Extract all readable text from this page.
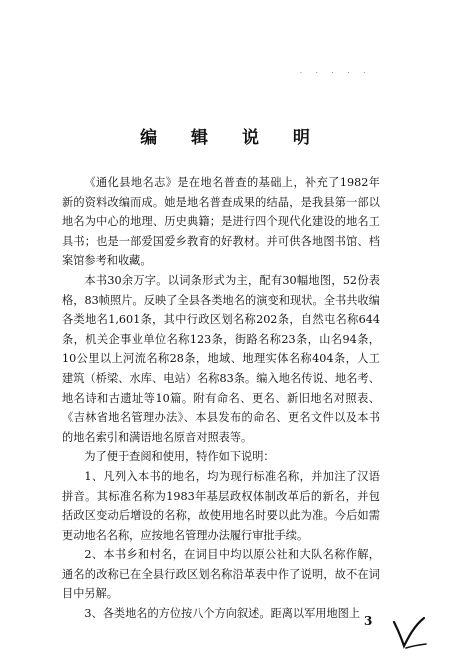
· · · · ·
编 辑 说 明

《通化县地名志》是在地名普查的基础上，补充了1982年新的资料改编而成。她是地名普查成果的结晶，是我县第一部以地名为中心的地理、历史典籍；是进行四个现代化建设的地名工具书；也是一部爱国爱乡教育的好教材。并可供各地图书馆、档案馆参考和收藏。

本书30余万字。以词条形式为主，配有30幅地图，52份表格，83帧照片。反映了全县各类地名的演变和现状。全书共收编各类地名1,601条，其中行政区划名称202条，自然屯名称644条，机关企事业单位名称123条，街路名称23条，山名94条，10公里以上河流名称28条，地域、地理实体名称404条，人工建筑（桥梁、水库、电站）名称83条。编入地名传说、地名考、地名诗和古遗址等10篇。附有命名、更名、新旧地名对照表、《吉林省地名管理办法》、本县发布的命名、更名文件以及本书的地名索引和满语地名原音对照表等。

为了便于查阅和使用，特作如下说明：

1、凡列入本书的地名，均为现行标准名称，并加注了汉语拼音。其标准名称为1983年基层政权体制改革后的新名，并包括政区变动后增设的名称，故使用地名时要以此为准。今后如需更动地名名称，应按地名管理办法履行审批手续。

2、本书乡和村名，在词目中均以原公社和大队名称作解，通名的改称已在全县行政区划名称沿革表中作了说明，故不在词目中另解。

3、各类地名的方位按八个方向叙述。距离以军用地图上

3
